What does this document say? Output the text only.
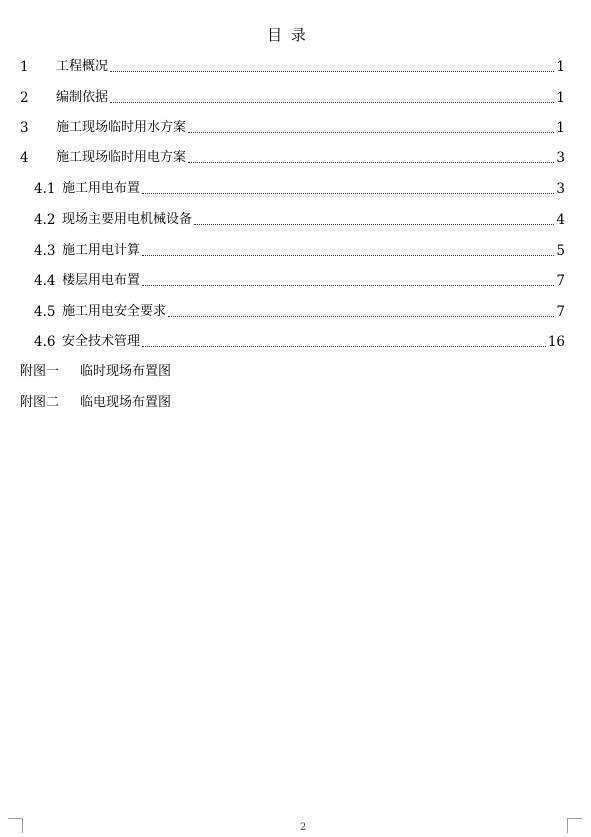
目 录
1	工程概况	1
2	编制依据	1
3	施工现场临时用水方案	1
4	施工现场临时用电方案	3
4.1 施工用电布置	3
4.2 现场主要用电机械设备	4
4.3 施工用电计算	5
4.4 楼层用电布置	7
4.5 施工用电安全要求	7
4.6 安全技术管理	16
附图一 临时现场布置图
附图二 临电现场布置图
2
